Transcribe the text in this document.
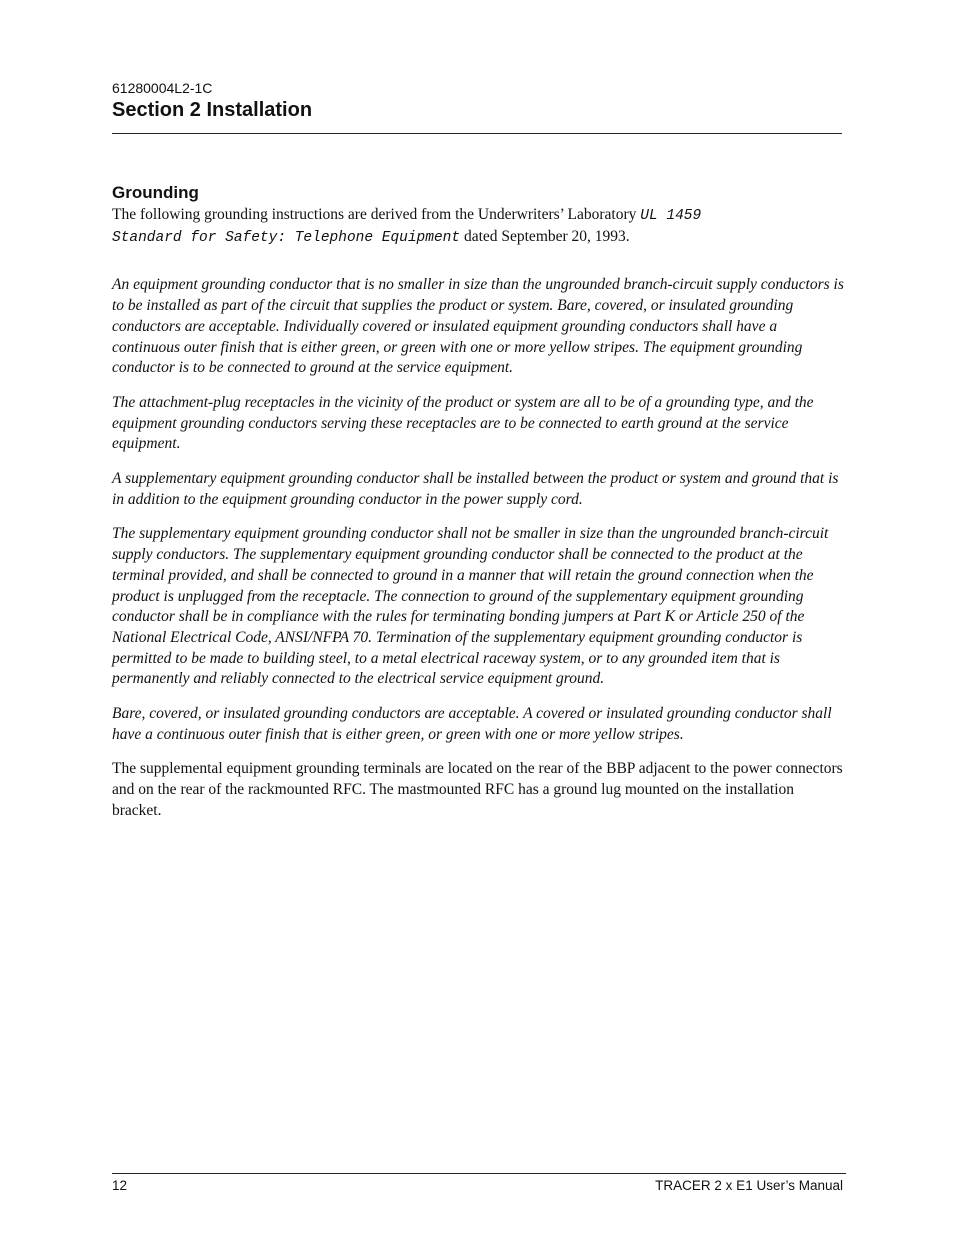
61280004L2-1C
Section 2 Installation
Grounding

The following grounding instructions are derived from the Underwriters’ Laboratory UL 1459
Standard for Safety: Telephone Equipment dated September 20, 1993.

An equipment grounding conductor that is no smaller in size than the ungrounded branch-circuit supply conductors is to be installed as part of the circuit that supplies the product or system. Bare, covered, or insulated grounding conductors are acceptable. Individually covered or insulated equipment grounding conductors shall have a continuous outer finish that is either green, or green with one or more yellow stripes. The equipment grounding conductor is to be connected to ground at the service equipment.

The attachment-plug receptacles in the vicinity of the product or system are all to be of a grounding type, and the equipment grounding conductors serving these receptacles are to be connected to earth ground at the service equipment.

A supplementary equipment grounding conductor shall be installed between the product or system and ground that is in addition to the equipment grounding conductor in the power supply cord.

The supplementary equipment grounding conductor shall not be smaller in size than the ungrounded branch-circuit supply conductors. The supplementary equipment grounding conductor shall be connected to the product at the terminal provided, and shall be connected to ground in a manner that will retain the ground connection when the product is unplugged from the receptacle. The connection to ground of the supplementary equipment grounding conductor shall be in compliance with the rules for terminating bonding jumpers at Part K or Article 250 of the National Electrical Code, ANSI/NFPA 70. Termination of the supplementary equipment grounding conductor is permitted to be made to building steel, to a metal electrical raceway system, or to any grounded item that is permanently and reliably connected to the electrical service equipment ground.

Bare, covered, or insulated grounding conductors are acceptable. A covered or insulated grounding conductor shall have a continuous outer finish that is either green, or green with one or more yellow stripes.

The supplemental equipment grounding terminals are located on the rear of the BBP adjacent to the power connectors and on the rear of the rackmounted RFC. The mastmounted RFC has a ground lug mounted on the installation bracket.

12	TRACER 2 x E1 User’s Manual
